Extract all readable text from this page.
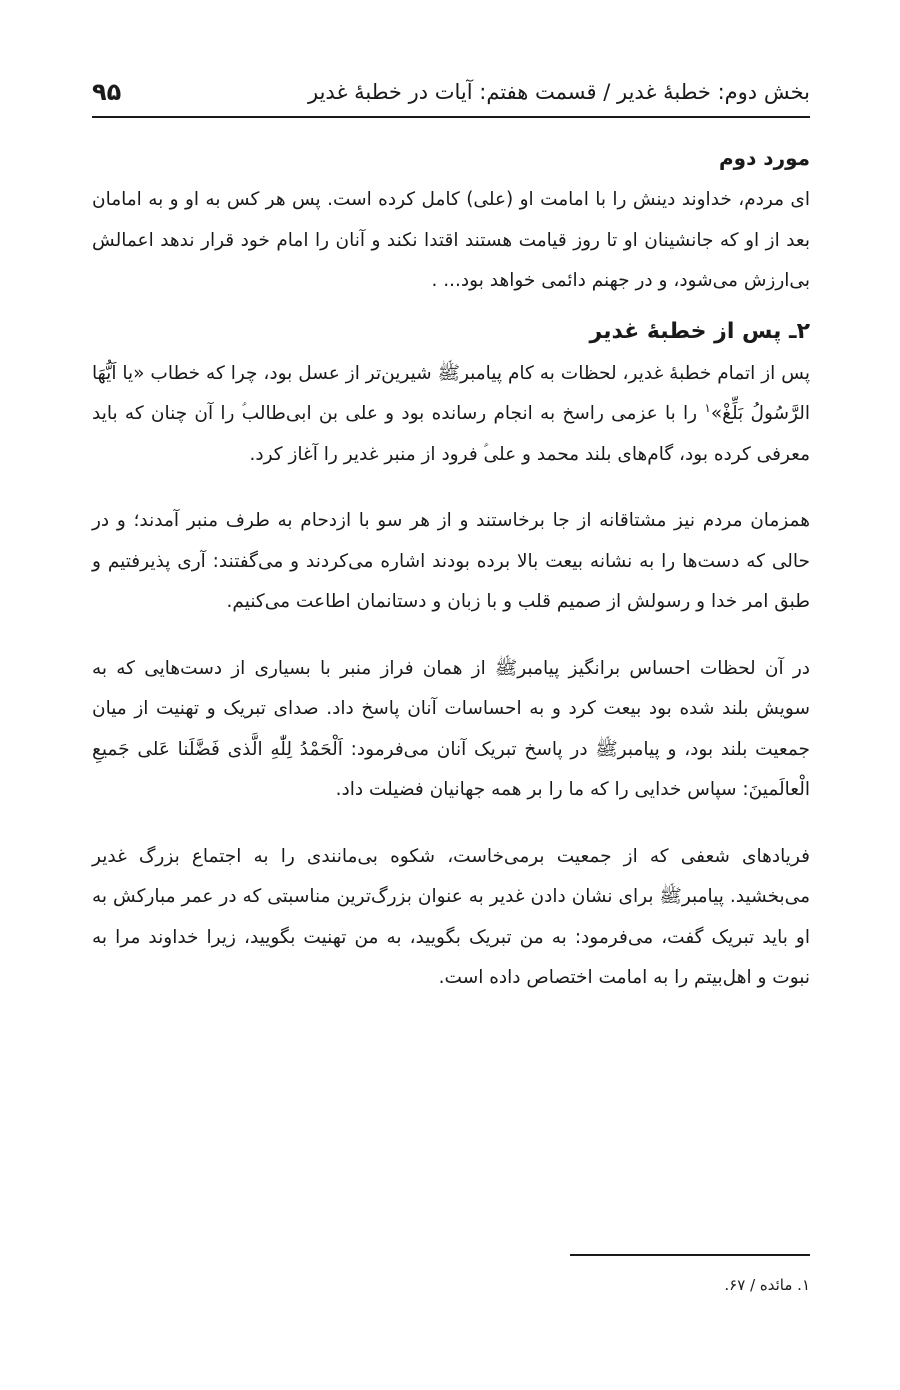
بخش دوم: خطبهٔ غدیر / قسمت هفتم: آیات در خطبهٔ غدیر
۹۵
مورد دوم

ای مردم، خداوند دینش را با امامت او (علی) کامل کرده است. پس هر کس به او و به امامان بعد از او که جانشینان او تا روز قیامت هستند اقتدا نکند و آنان را امام خود قرار ندهد اعمالش بی‌ارزش می‌شود، و در جهنم دائمی خواهد بود... .

۲ـ پس از خطبهٔ غدیر

پس از اتمام خطبهٔ غدیر، لحظات به کام پیامبرﷺ شیرین‌تر از عسل بود، چرا که خطاب «یا اَیُّهَا الرَّسُولُ بَلِّغْ»$^۱$ را با عزمی راسخ به انجام رسانده بود و علی بن ابی‌طالب‌ؑ را آن چنان که باید معرفی کرده بود، گام‌های بلند محمد و علی‌ؑ فرود از منبر غدیر را آغاز کرد.

همزمان مردم نیز مشتاقانه از جا برخاستند و از هر سو با ازدحام به طرف منبر آمدند؛ و در حالی که دست‌ها را به نشانه بیعت بالا برده بودند اشاره می‌کردند و می‌گفتند: آری پذیرفتیم و طبق امر خدا و رسولش از صمیم قلب و با زبان و دستانمان اطاعت می‌کنیم.

در آن لحظات احساس برانگیز پیامبرﷺ از همان فراز منبر با بسیاری از دست‌هایی که به سویش بلند شده بود بیعت کرد و به احساسات آنان پاسخ داد. صدای تبریک و تهنیت از میان جمعیت بلند بود، و پیامبرﷺ در پاسخ تبریک آنان می‌فرمود: اَلْحَمْدُ لِلّٰهِ الَّذی فَضَّلَنا عَلی جَمیعِ الْعالَمینَ: سپاس خدایی را که ما را بر همه جهانیان فضیلت داد.

فریادهای شعفی که از جمعیت برمی‌خاست، شکوه بی‌مانندی را به اجتماع بزرگ غدیر می‌بخشید. پیامبرﷺ برای نشان دادن غدیر به عنوان بزرگ‌ترین مناسبتی که در عمر مبارکش به او باید تبریک گفت، می‌فرمود: به من تبریک بگویید، به من تهنیت بگویید، زیرا خداوند مرا به نبوت و اهل‌بیتم را به امامت اختصاص داده است.

۱. مائده / ۶۷.
